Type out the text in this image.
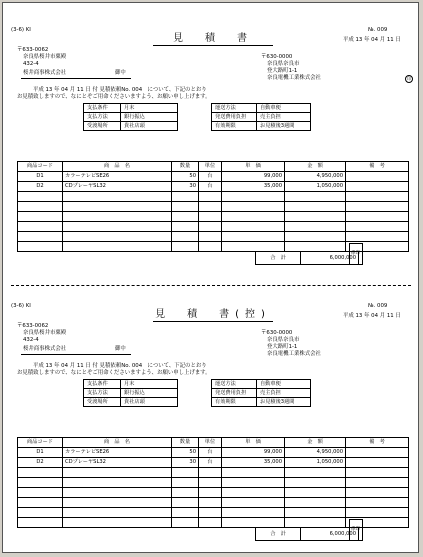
(3-6) KI	№. 009
見　積　書	平成 13 年 04 月 11 日
〒633-0062
奈良県桜井市粟殿
432-4
桜井商事株式会社	御中
〒630-0000
奈良県奈良市
登大路町1-1
奈良電機工業株式会社	印
平成 13 年 04 月 11 日 付 見積依頼No. 004　について、下記のとおり
お見積致しますので、なにとぞご用命くださいますよう、お願い申し上げます。
支払条件	月末
支払方法	銀行振込
受渡場所	貴社店頭
運送方法	自動車便
発送費用負担	売主負担
有効期限	お見積後3週間
商品コード	商　品　名	数量	単位	単　価	金　額	備　考
D1	カラーテレビSE26	50	台	99,000	4,950,000	
D2	CDプレーヤSL32	30	台	35,000	1,050,000	

合　計	6,000,000
係印
(3-6) KI	№. 009
見　積　書(控)	平成 13 年 04 月 11 日
〒633-0062
奈良県桜井市粟殿
432-4
桜井商事株式会社	御中
〒630-0000
奈良県奈良市
登大路町1-1
奈良電機工業株式会社
平成 13 年 04 月 11 日 付 見積依頼No. 004　について、下記のとおり
お見積致しますので、なにとぞご用命くださいますよう、お願い申し上げます。
支払条件	月末
支払方法	銀行振込
受渡場所	貴社店頭
運送方法	自動車便
発送費用負担	売主負担
有効期限	お見積後3週間
商品コード	商　品　名	数量	単位	単　価	金　額	備　考
D1	カラーテレビSE26	50	台	99,000	4,950,000	
D2	CDプレーヤSL32	30	台	35,000	1,050,000	

合　計	6,000,000
係印
